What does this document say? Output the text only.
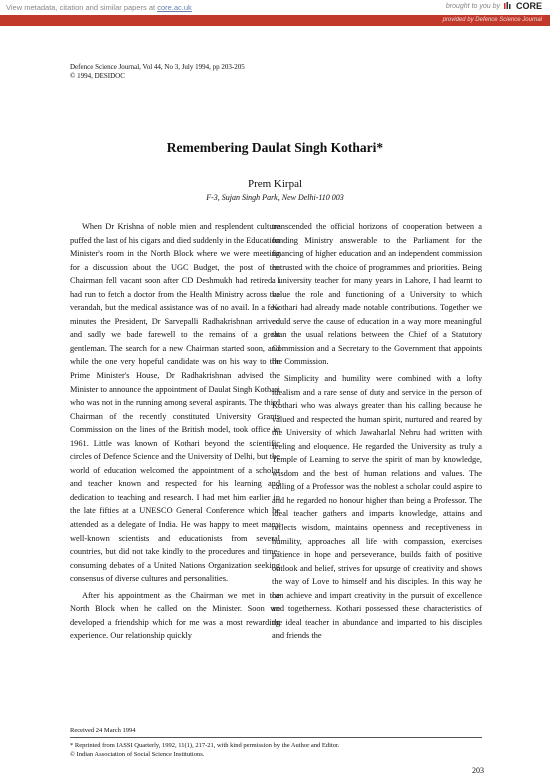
View metadata, citation and similar papers at core.ac.uk	brought to you by CORE
provided by Defence Science Journal
Defence Science Journal, Vol 44, No 3, July 1994, pp 203-205
© 1994, DESIDOC
Remembering Daulat Singh Kothari*
Prem Kirpal
F-3, Sujan Singh Park, New Delhi-110 003

When Dr Krishna of noble mien and resplendent culture puffed the last of his cigars and died suddenly in the Education Minister's room in the North Block where we were meeting for a discussion about the UGC Budget, the post of the Chairman fell vacant soon after CD Deshmukh had retired. I had run to fetch a doctor from the Health Ministry across the verandah, but the medical assistance was of no avail. In a few minutes the President, Dr Sarvepalli Radhakrishnan arrived and sadly we bade farewell to the remains of a great gentleman. The search for a new Chairman started soon, and while the one very hopeful candidate was on his way to the Prime Minister's House, Dr Radhakrishnan advised the Minister to announce the appointment of Daulat Singh Kothari who was not in the running among several aspirants. The third Chairman of the recently constituted University Grants Commission on the lines of the British model, took office in 1961. Little was known of Kothari beyond the scientific circles of Defence Science and the University of Delhi, but the world of education welcomed the appointment of a scholar and teacher known and respected for his learning and dedication to teaching and research. I had met him earlier in the late fifties at a UNESCO General Conference which he attended as a delegate of India. He was happy to meet many well-known scientists and educationists from several countries, but did not take kindly to the procedures and time-consuming debates of a United Nations Organization seeking consensus of diverse cultures and personalities.

After his appointment as the Chairman we met in the North Block when he called on the Minister. Soon we developed a friendship which for me was a most rewarding experience. Our relationship quickly

transcended the official horizons of cooperation between a funding Ministry answerable to the Parliament for the financing of higher education and an independent commission entrusted with the choice of programmes and priorities. Being a university teacher for many years in Lahore, I had learnt to value the role and functioning of a University to which Kothari had already made notable contributions. Together we could serve the cause of education in a way more meaningful than the usual relations between the Chief of a Statutory Commission and a Secretary to the Government that appoints the Commission.

Simplicity and humility were combined with a lofty idealism and a rare sense of duty and service in the person of Kothari who was always greater than his calling because he valued and respected the human spirit, nurtured and reared by the University of which Jawaharlal Nehru had written with feeling and eloquence. He regarded the University as truly a Temple of Learning to serve the spirit of man by knowledge, wisdom and the best of human relations and values. The calling of a Professor was the noblest a scholar could aspire to and he regarded no honour higher than being a Professor. The ideal teacher gathers and imparts knowledge, attains and reflects wisdom, maintains openness and receptiveness in humility, approaches all life with compassion, exercises patience in hope and perseverance, builds faith of positive outlook and belief, strives for upsurge of creativity and shows the way of Love to himself and his disciples. In this way he can achieve and impart creativity in the pursuit of excellence and togetherness. Kothari possessed these characteristics of the ideal teacher in abundance and imparted to his disciples and friends the

Received 24 March 1994
* Reprinted from IASSI Quarterly, 1992, 11(1), 217-21, with kind permission by the Author and Editor.
© Indian Association of Social Science Institutions.
203
